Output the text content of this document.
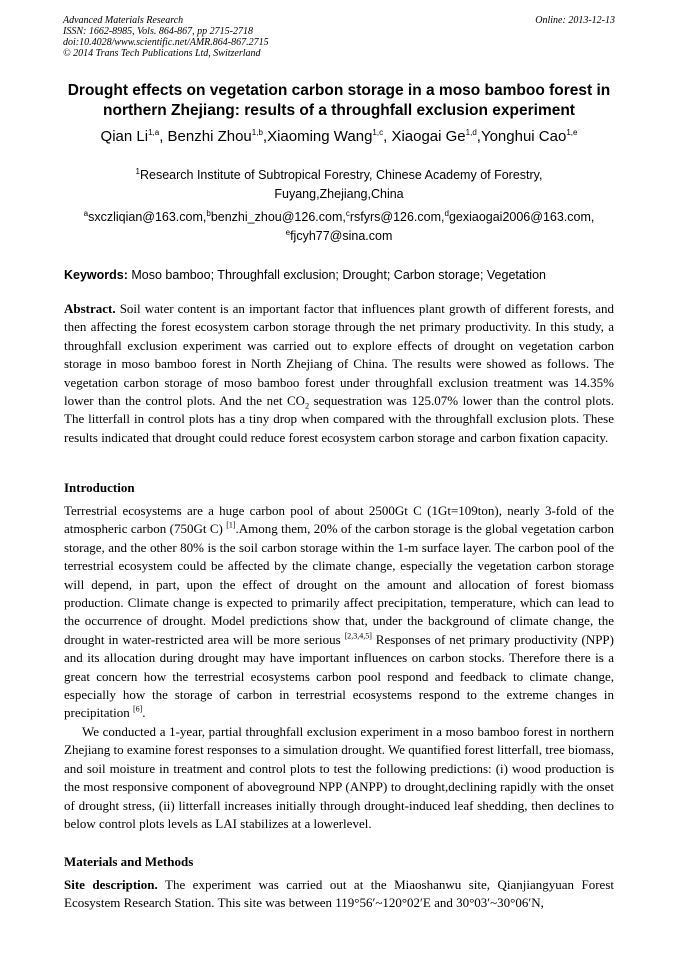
Advanced Materials Research
ISSN: 1662-8985, Vols. 864-867, pp 2715-2718
doi:10.4028/www.scientific.net/AMR.864-867.2715
© 2014 Trans Tech Publications Ltd, Switzerland
Online: 2013-12-13
Drought effects on vegetation carbon storage in a moso bamboo forest in northern Zhejiang: results of a throughfall exclusion experiment
Qian Li$^{1,a}$, Benzhi Zhou$^{1,b}$,Xiaoming Wang$^{1,c}$, Xiaogai Ge$^{1,d}$,Yonghui Cao$^{1,e}$
$^1$Research Institute of Subtropical Forestry, Chinese Academy of Forestry,
Fuyang,Zhejiang,China
$^a$sxczliqian@163.com,$^b$benzhi_zhou@126.com,$^c$rsfyrs@126.com,$^d$gexiaogai2006@163.com,
$^e$fjcyh77@sina.com
Keywords: Moso bamboo; Throughfall exclusion; Drought; Carbon storage; Vegetation

Abstract. Soil water content is an important factor that influences plant growth of different forests, and then affecting the forest ecosystem carbon storage through the net primary productivity. In this study, a throughfall exclusion experiment was carried out to explore effects of drought on vegetation carbon storage in moso bamboo forest in North Zhejiang of China. The results were showed as follows. The vegetation carbon storage of moso bamboo forest under throughfall exclusion treatment was 14.35% lower than the control plots. And the net $CO_2$ sequestration was 125.07% lower than the control plots. The litterfall in control plots has a tiny drop when compared with the throughfall exclusion plots. These results indicated that drought could reduce forest ecosystem carbon storage and carbon fixation capacity.

Introduction

Terrestrial ecosystems are a huge carbon pool of about 2500Gt C (1Gt=109ton), nearly 3-fold of the atmospheric carbon (750Gt C) [1].Among them, 20% of the carbon storage is the global vegetation carbon storage, and the other 80% is the soil carbon storage within the 1-m surface layer. The carbon pool of the terrestrial ecosystem could be affected by the climate change, especially the vegetation carbon storage will depend, in part, upon the effect of drought on the amount and allocation of forest biomass production. Climate change is expected to primarily affect precipitation, temperature, which can lead to the occurrence of drought. Model predictions show that, under the background of climate change, the drought in water-restricted area will be more serious [2,3,4,5] Responses of net primary productivity (NPP) and its allocation during drought may have important influences on carbon stocks. Therefore there is a great concern how the terrestrial ecosystems carbon pool respond and feedback to climate change, especially how the storage of carbon in terrestrial ecosystems respond to the extreme changes in precipitation [6].

We conducted a 1-year, partial throughfall exclusion experiment in a moso bamboo forest in northern Zhejiang to examine forest responses to a simulation drought. We quantified forest litterfall, tree biomass, and soil moisture in treatment and control plots to test the following predictions: (i) wood production is the most responsive component of aboveground NPP (ANPP) to drought,declining rapidly with the onset of drought stress, (ii) litterfall increases initially through drought-induced leaf shedding, then declines to below control plots levels as LAI stabilizes at a lowerlevel.

Materials and Methods

Site description. The experiment was carried out at the Miaoshanwu site, Qianjiangyuan Forest Ecosystem Research Station. This site was between 119°56′~120°02′E and 30°03′~30°06′N,
